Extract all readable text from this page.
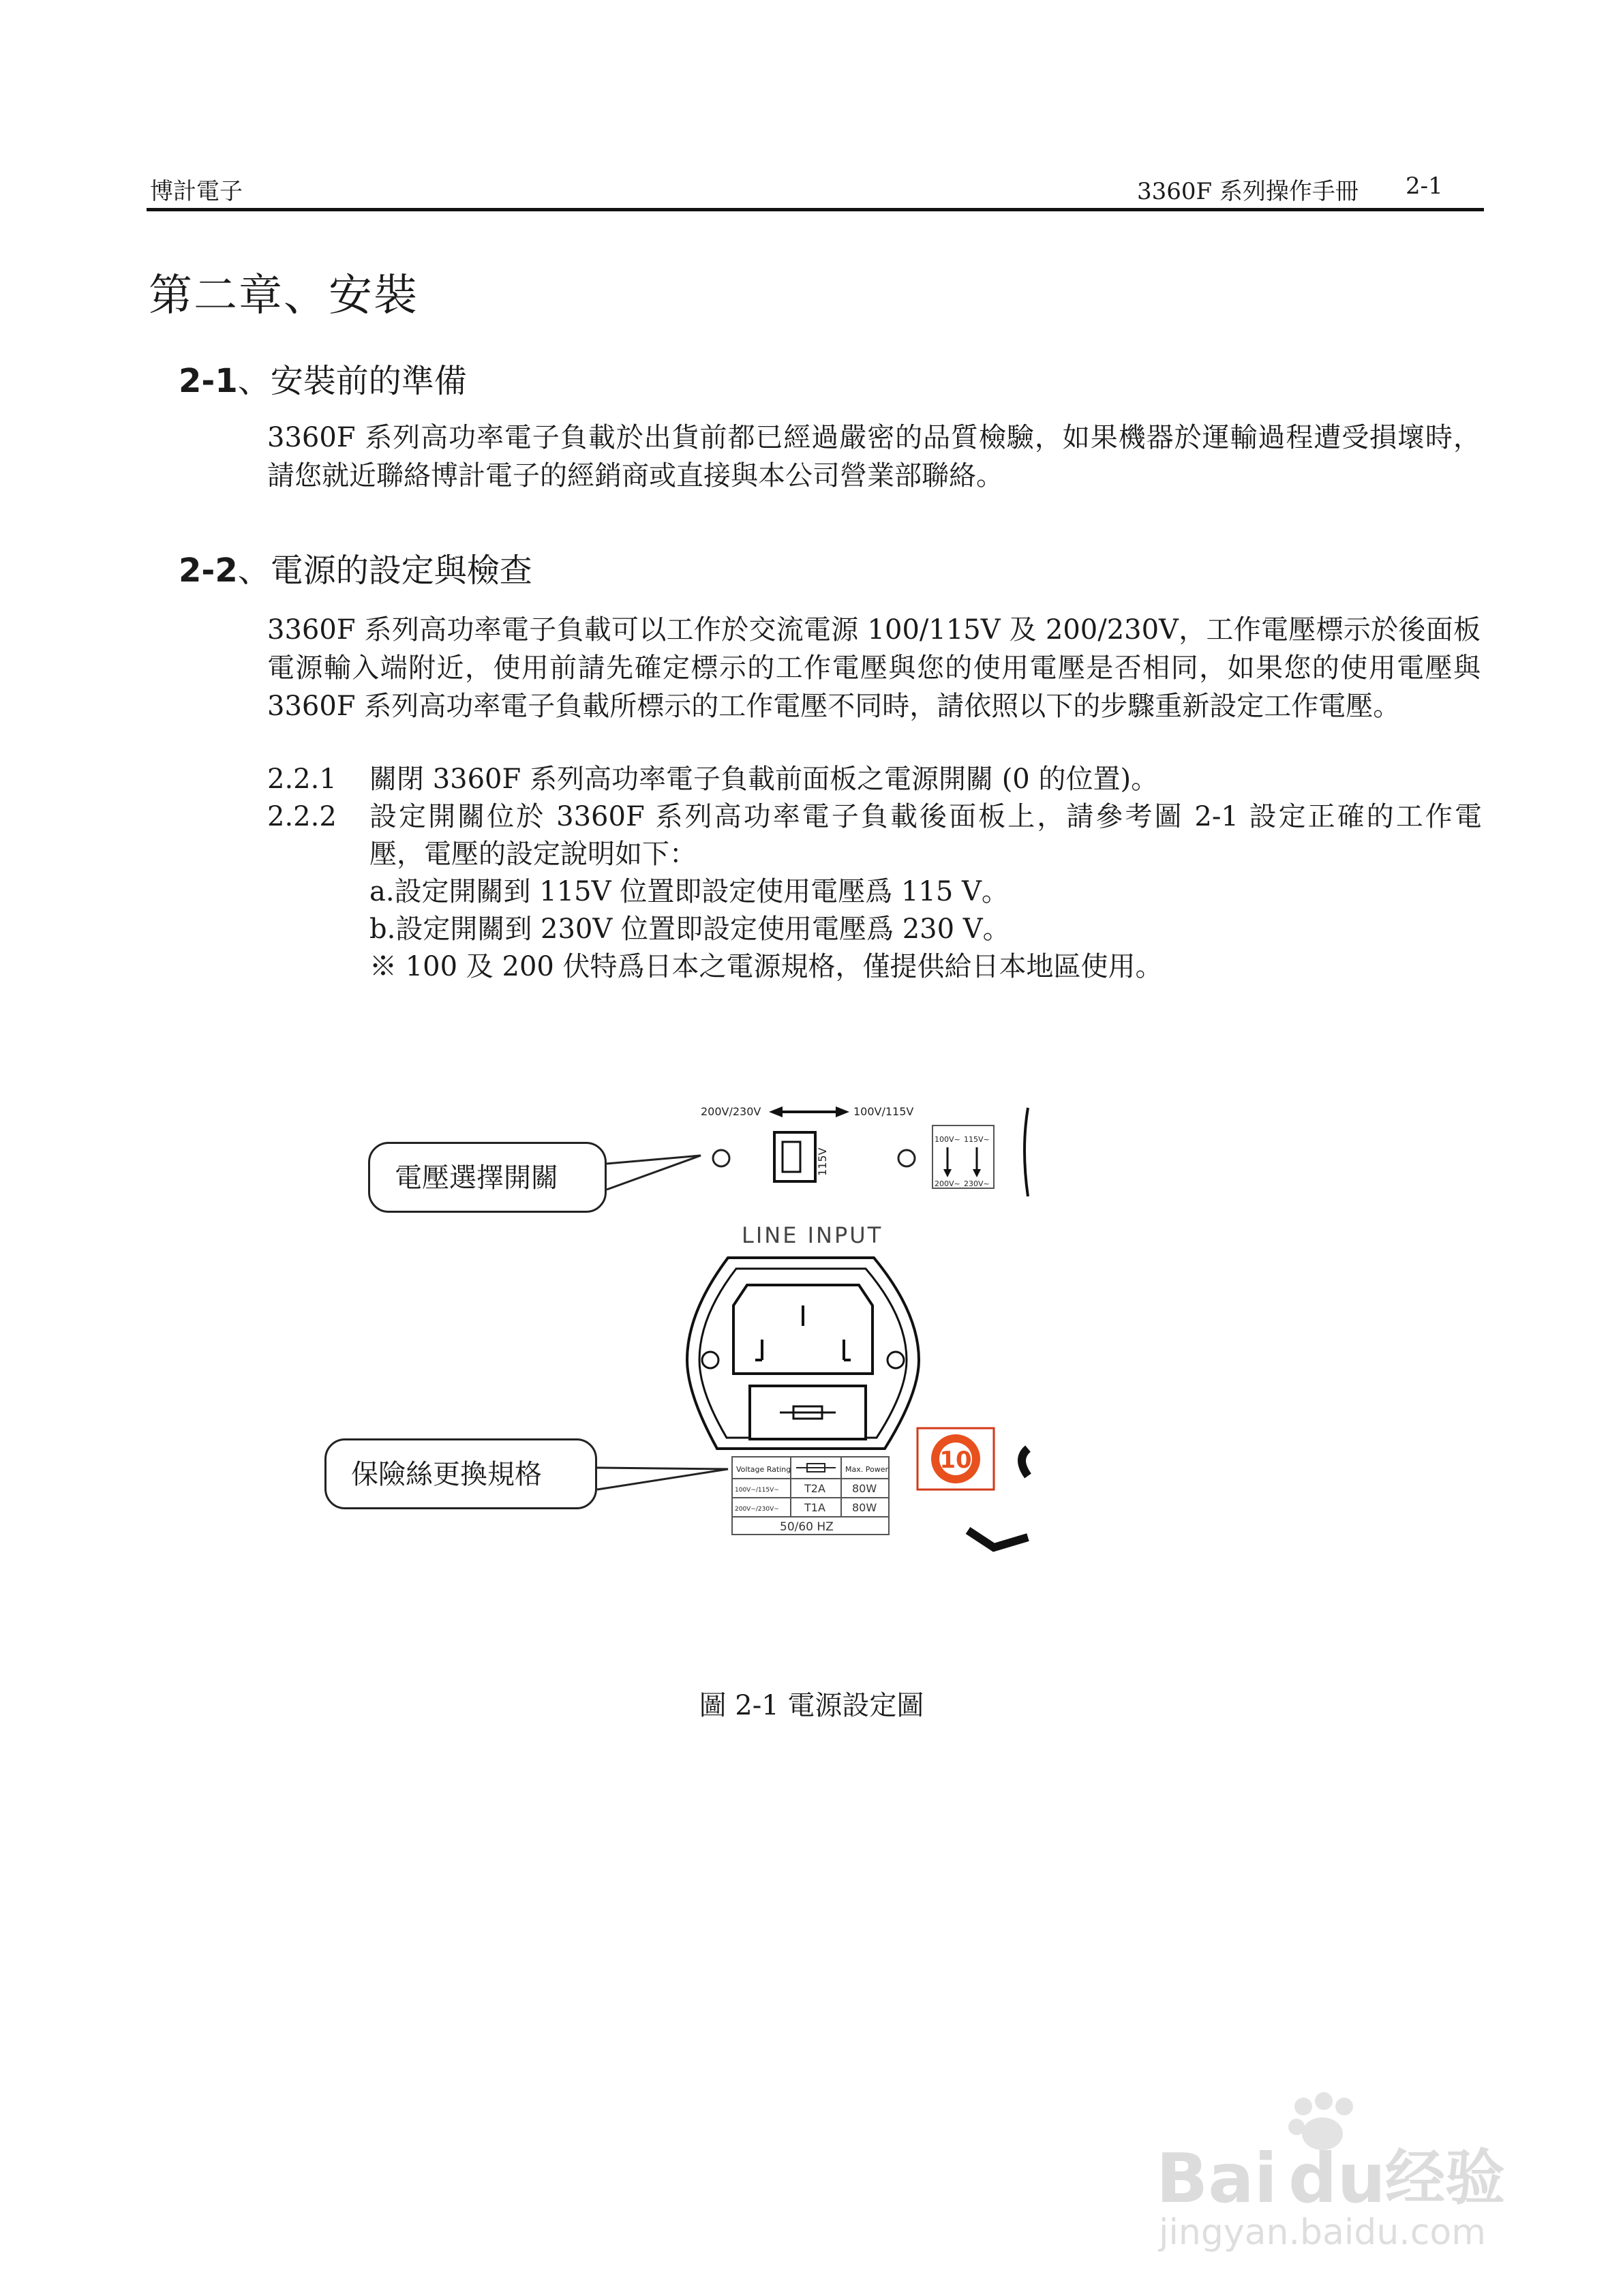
博計電子	3360F 系列操作手冊 2-1
第二章、安裝
2-1、安裝前的準備

3360F 系列高功率電子負載於出貨前都已經過嚴密的品質檢驗，如果機器於運輸過程遭受損壞時，請您就近聯絡博計電子的經銷商或直接與本公司營業部聯絡。

2-2、電源的設定與檢查

3360F 系列高功率電子負載可以工作於交流電源 100/115V 及 200/230V，工作電壓標示於後面板電源輸入端附近，使用前請先確定標示的工作電壓與您的使用電壓是否相同，如果您的使用電壓與 3360F 系列高功率電子負載所標示的工作電壓不同時，請依照以下的步驟重新設定工作電壓。

2.2.1 關閉 3360F 系列高功率電子負載前面板之電源開關 (0 的位置)。
2.2.2 設定開關位於 3360F 系列高功率電子負載後面板上，請參考圖 2-1 設定正確的工作電
壓，電壓的設定說明如下：
a.設定開關到 115V 位置即設定使用電壓爲 115 V。
b.設定開關到 230V 位置即設定使用電壓爲 230 V。
※ 100 及 200 伏特爲日本之電源規格，僅提供給日本地區使用。
電壓選擇開關
保險絲更換規格
200V/230V	100V/115V
115V
100V~ 115V~
200V~ 230V~
LINE INPUT
10
Voltage Rating	Max. Power
100V~/115V~ T2A 80W
200V~/230V~ T1A 80W
50/60 HZ
圖 2-1 電源設定圖
Bai du 经验
jingyan.baidu.com
